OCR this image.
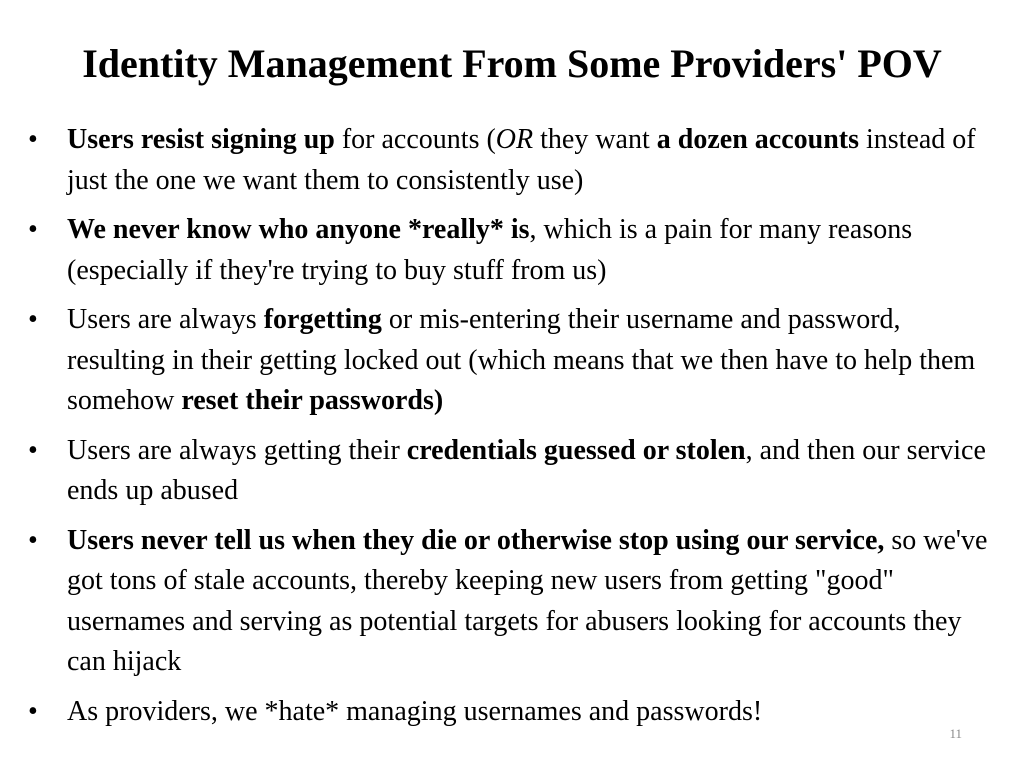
Identity Management From Some Providers' POV
•	Users resist signing up for accounts (OR they want a dozen accounts instead of just the one we want them to consistently use)
•	We never know who anyone *really* is, which is a pain for many reasons (especially if they're trying to buy stuff from us)
•	Users are always forgetting or mis-entering their username and password, resulting in their getting locked out (which means that we then have to help them somehow reset their passwords)
•	Users are always getting their credentials guessed or stolen, and then our service ends up abused
•	Users never tell us when they die or otherwise stop using our service, so we've got tons of stale accounts, thereby keeping new users from getting "good" usernames and serving as potential targets for abusers looking for accounts they can hijack
•	As providers, we *hate* managing usernames and passwords!
11
